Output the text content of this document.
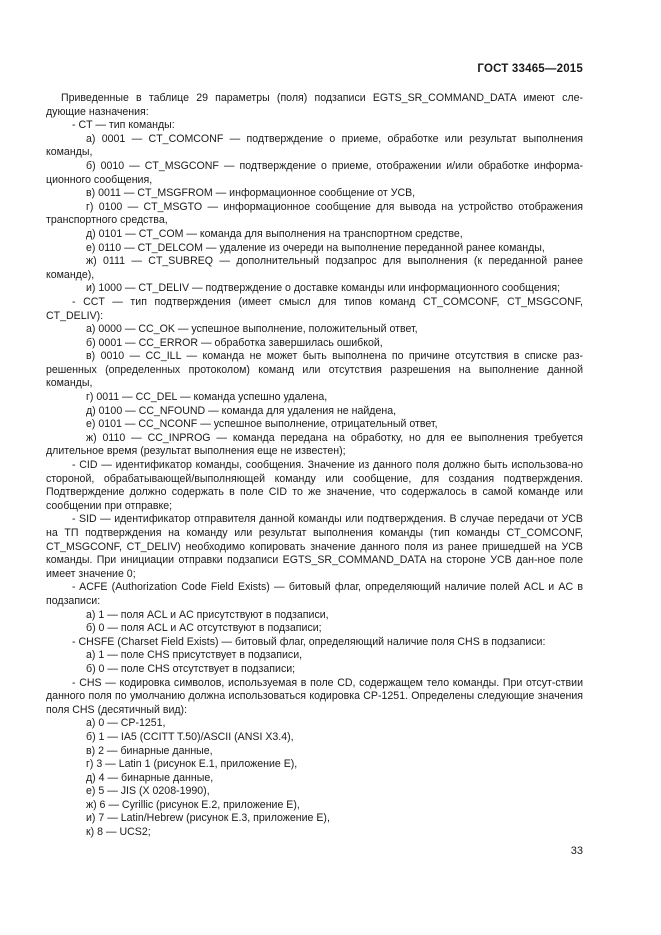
ГОСТ 33465—2015
Приведенные в таблице 29 параметры (поля) подзаписи EGTS_SR_COMMAND_DATA имеют сле-дующие назначения:
- CT — тип команды:
а) 0001 — CT_COMCONF — подтверждение о приеме, обработке или результат выполнения команды,
б) 0010 — CT_MSGCONF — подтверждение о приеме, отображении и/или обработке информа-ционного сообщения,
в) 0011 — CT_MSGFROM — информационное сообщение от УСВ,
г) 0100 — CT_MSGTO — информационное сообщение для вывода на устройство отображения транспортного средства,
д) 0101 — CT_COM — команда для выполнения на транспортном средстве,
е) 0110 — CT_DELCOM — удаление из очереди на выполнение переданной ранее команды,
ж) 0111 — CT_SUBREQ — дополнительный подзапрос для выполнения (к переданной ранее команде),
и) 1000 — CT_DELIV — подтверждение о доставке команды или информационного сообщения;
- CCT — тип подтверждения (имеет смысл для типов команд CT_COMCONF, CT_MSGCONF, CT_DELIV):
а) 0000 — CC_OK — успешное выполнение, положительный ответ,
б) 0001 — CC_ERROR — обработка завершилась ошибкой,
в) 0010 — CC_ILL — команда не может быть выполнена по причине отсутствия в списке раз-решенных (определенных протоколом) команд или отсутствия разрешения на выполнение данной команды,
г) 0011 — CC_DEL — команда успешно удалена,
д) 0100 — CC_NFOUND — команда для удаления не найдена,
е) 0101 — CC_NCONF — успешное выполнение, отрицательный ответ,
ж) 0110 — CC_INPROG — команда передана на обработку, но для ее выполнения требуется длительное время (результат выполнения еще не известен);
- CID — идентификатор команды, сообщения. Значение из данного поля должно быть использова-но стороной, обрабатывающей/выполняющей команду или сообщение, для создания подтверждения. Подтверждение должно содержать в поле CID то же значение, что содержалось в самой команде или сообщении при отправке;
- SID — идентификатор отправителя данной команды или подтверждения. В случае передачи от УСВ на ТП подтверждения на команду или результат выполнения команды (тип команды CT_COMCONF, CT_MSGCONF, CT_DELIV) необходимо копировать значение данного поля из ранее пришедшей на УСВ команды. При инициации отправки подзаписи EGTS_SR_COMMAND_DATA на стороне УСВ дан-ное поле имеет значение 0;
- ACFE (Authorization Code Field Exists) — битовый флаг, определяющий наличие полей ACL и AC в подзаписи:
а) 1 — поля ACL и AC присутствуют в подзаписи,
б) 0 — поля ACL и AC отсутствуют в подзаписи;
- CHSFE (Charset Field Exists) — битовый флаг, определяющий наличие поля CHS в подзаписи:
а) 1 — поле CHS присутствует в подзаписи,
б) 0 — поле CHS отсутствует в подзаписи;
- CHS — кодировка символов, используемая в поле CD, содержащем тело команды. При отсут-ствии данного поля по умолчанию должна использоваться кодировка CP-1251. Определены следующие значения поля CHS (десятичный вид):
а) 0 — CP-1251,
б) 1 — IA5 (CCITT T.50)/ASCII (ANSI X3.4),
в) 2 — бинарные данные,
г) 3 — Latin 1 (рисунок Е.1, приложение Е),
д) 4 — бинарные данные,
е) 5 — JIS (X 0208-1990),
ж) 6 — Cyrillic (рисунок Е.2, приложение Е),
и) 7 — Latin/Hebrew (рисунок Е.3, приложение Е),
к) 8 — UCS2;
33
